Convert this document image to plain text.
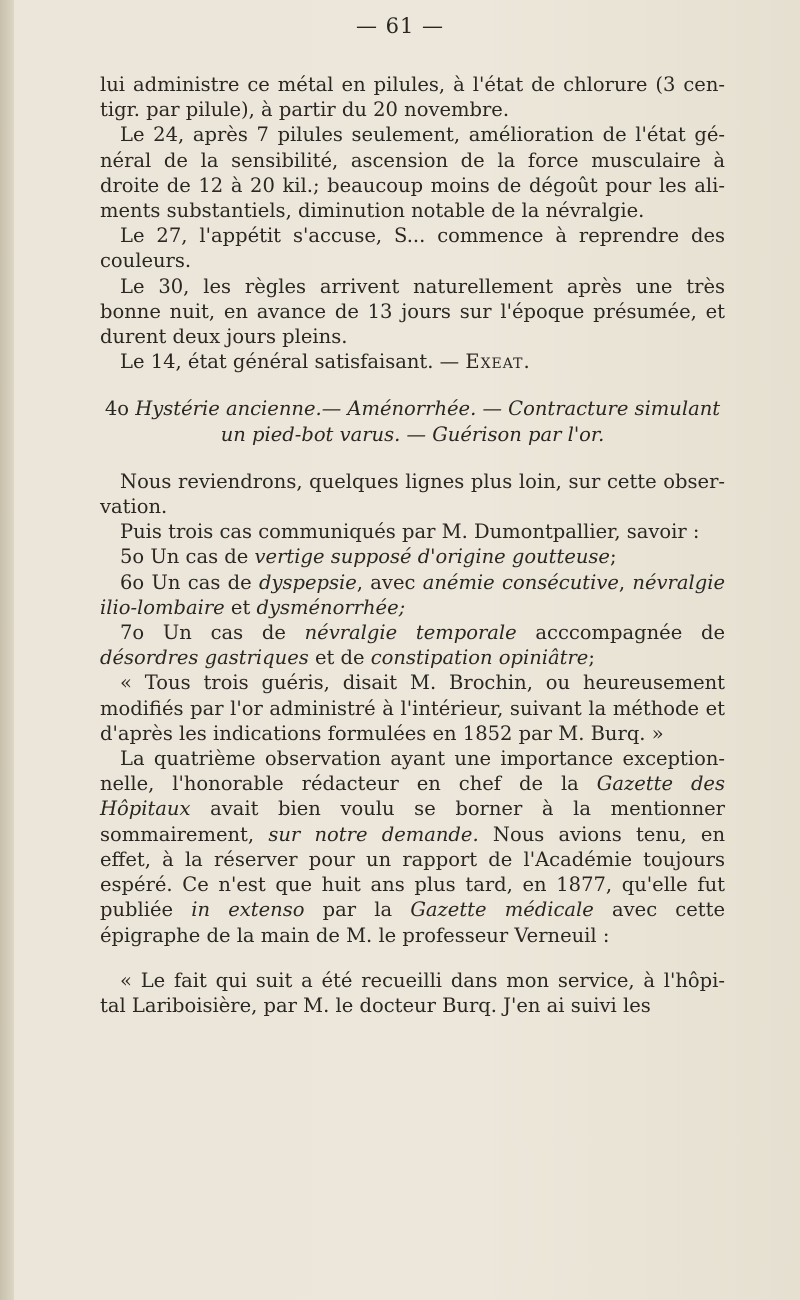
— 61 —

lui administre ce métal en pilules, à l'état de chlorure (3 cen- tigr. par pilule), à partir du 20 novembre.

Le 24, après 7 pilules seulement, amélioration de l'état gé- néral de la sensibilité, ascension de la force musculaire à droite de 12 à 20 kil.; beaucoup moins de dégoût pour les ali- ments substantiels, diminution notable de la névralgie.

Le 27, l'appétit s'accuse, S... commence à reprendre des couleurs.

Le 30, les règles arrivent naturellement après une très bonne nuit, en avance de 13 jours sur l'époque présumée, et durent deux jours pleins.

Le 14, état général satisfaisant. — Exeat.

4o Hystérie ancienne.— Aménorrhée. — Contracture simulant
un pied-bot varus. — Guérison par l'or.

Nous reviendrons, quelques lignes plus loin, sur cette obser- vation.

Puis trois cas communiqués par M. Dumontpallier, savoir :

5o Un cas de vertige supposé d'origine goutteuse;

6o Un cas de dyspepsie, avec anémie consécutive, névralgie ilio-lombaire et dysménorrhée;

7o Un cas de névralgie temporale acccompagnée de désordres gastriques et de constipation opiniâtre;

« Tous trois guéris, disait M. Brochin, ou heureusement modifiés par l'or administré à l'intérieur, suivant la méthode et d'après les indications formulées en 1852 par M. Burq. »

La quatrième observation ayant une importance exception- nelle, l'honorable rédacteur en chef de la Gazette des Hôpitaux avait bien voulu se borner à la mentionner sommairement, sur notre demande. Nous avions tenu, en effet, à la réserver pour un rapport de l'Académie toujours espéré. Ce n'est que huit ans plus tard, en 1877, qu'elle fut publiée in extenso par la Gazette médicale avec cette épigraphe de la main de M. le professeur Verneuil :

« Le fait qui suit a été recueilli dans mon service, à l'hôpi- tal Lariboisière, par M. le docteur Burq. J'en ai suivi les
